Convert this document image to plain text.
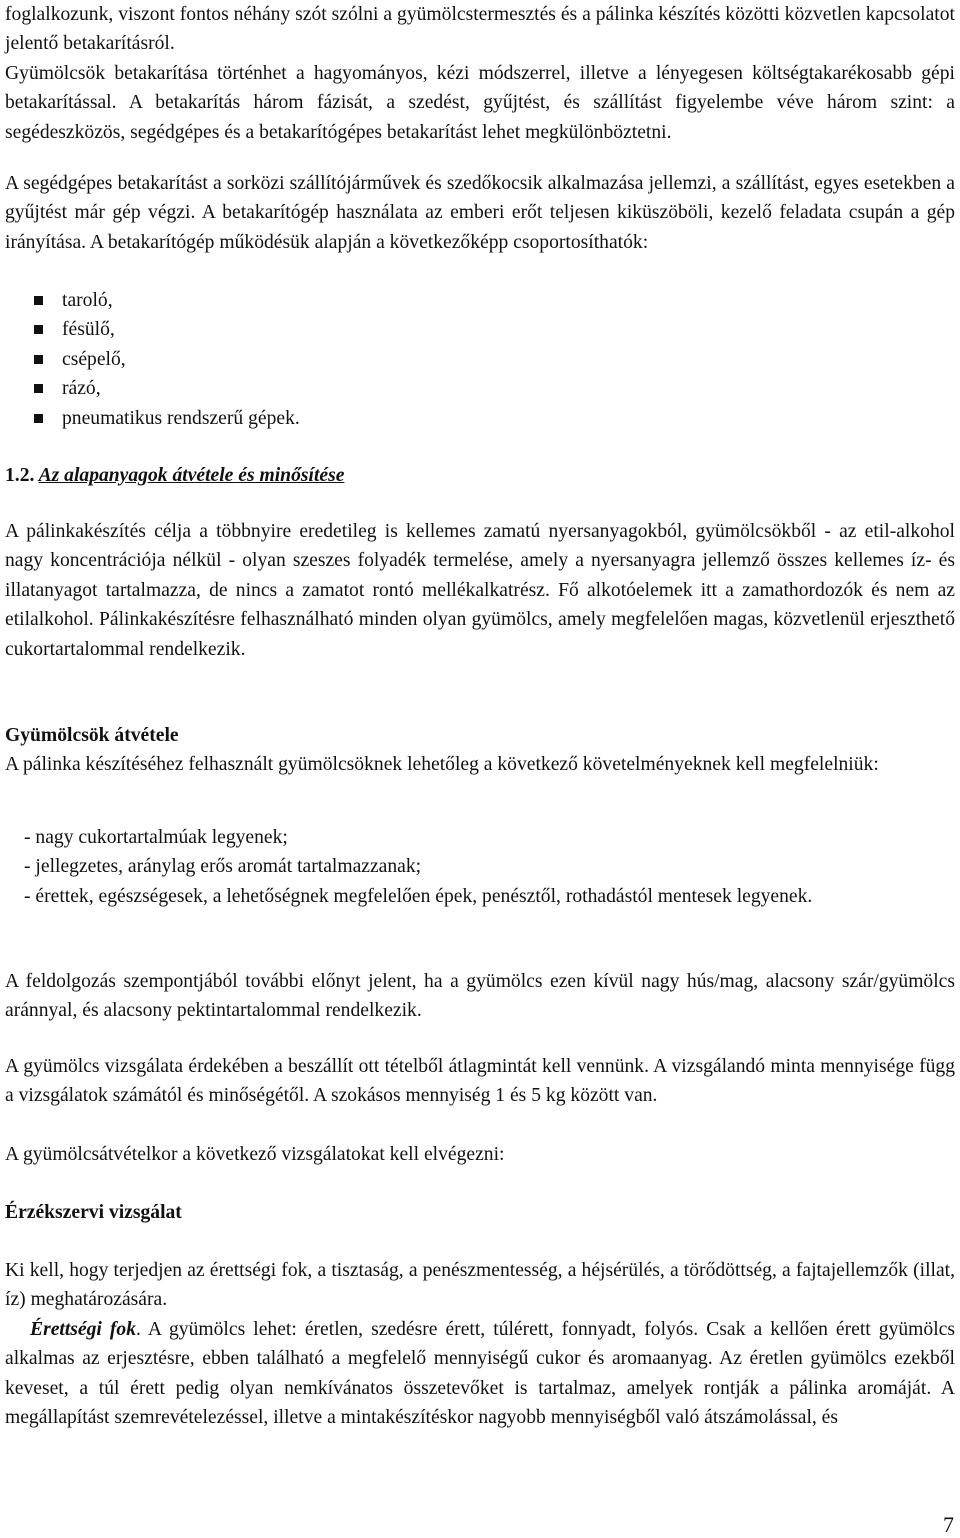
foglalkozunk, viszont fontos néhány szót szólni a gyümölcstermesztés és a pálinka készítés közötti közvetlen kapcsolatot jelentő betakarításról.

Gyümölcsök betakarítása történhet a hagyományos, kézi módszerrel, illetve a lényegesen költségtakarékosabb gépi betakarítással. A betakarítás három fázisát, a szedést, gyűjtést, és szállítást figyelembe véve három szint: a segédeszközös, segédgépes és a betakarítógépes betakarítást lehet megkülönböztetni.

A segédgépes betakarítást a sorközi szállítójárművek és szedőkocsik alkalmazása jellemzi, a szállítást, egyes esetekben a gyűjtést már gép végzi. A betakarítógép használata az emberi erőt teljesen kiküszöböli, kezelő feladata csupán a gép irányítása. A betakarítógép működésük alapján a következőképp csoportosíthatók:

taroló,
fésülő,
csépelő,
rázó,
pneumatikus rendszerű gépek.
1.2. Az alapanyagok átvétele és minősítése

A pálinkakészítés célja a többnyire eredetileg is kellemes zamatú nyersanyagokból, gyümölcsökből - az etil-alkohol nagy koncentrációja nélkül - olyan szeszes folyadék termelése, amely a nyersanyagra jellemző összes kellemes íz- és illatanyagot tartalmazza, de nincs a zamatot rontó mellékalkatrész. Fő alkotóelemek itt a zamathordozók és nem az etilalkohol. Pálinkakészítésre felhasználható minden olyan gyümölcs, amely megfelelően magas, közvetlenül erjeszthető cukortartalommal rendelkezik.

Gyümölcsök átvétele

A pálinka készítéséhez felhasznált gyümölcsöknek lehetőleg a következő követelményeknek kell megfelelniük:

- nagy cukortartalmúak legyenek;
- jellegzetes, aránylag erős aromát tartalmazzanak;
- érettek, egészségesek, a lehetőségnek megfelelően épek, penésztől, rothadástól mentesek legyenek.

A feldolgozás szempontjából további előnyt jelent, ha a gyümölcs ezen kívül nagy hús/mag, alacsony szár/gyümölcs aránnyal, és alacsony pektintartalommal rendelkezik.

A gyümölcs vizsgálata érdekében a beszállít ott tételből átlagmintát kell vennünk. A vizsgálandó minta mennyisége függ a vizsgálatok számától és minőségétől. A szokásos mennyiség 1 és 5 kg között van.

A gyümölcsátvételkor a következő vizsgálatokat kell elvégezni:

Érzékszervi vizsgálat

Ki kell, hogy terjedjen az érettségi fok, a tisztaság, a penészmentesség, a héjsérülés, a törődöttség, a fajtajellemzők (illat, íz) meghatározására.

Érettségi fok. A gyümölcs lehet: éretlen, szedésre érett, túlérett, fonnyadt, folyós. Csak a kellően érett gyümölcs alkalmas az erjesztésre, ebben található a megfelelő mennyiségű cukor és aromaanyag. Az éretlen gyümölcs ezekből keveset, a túl érett pedig olyan nemkívánatos összetevőket is tartalmaz, amelyek rontják a pálinka aromáját. A megállapítást szemrevételezéssel, illetve a mintakészítéskor nagyobb mennyiségből való átszámolással, és

7
